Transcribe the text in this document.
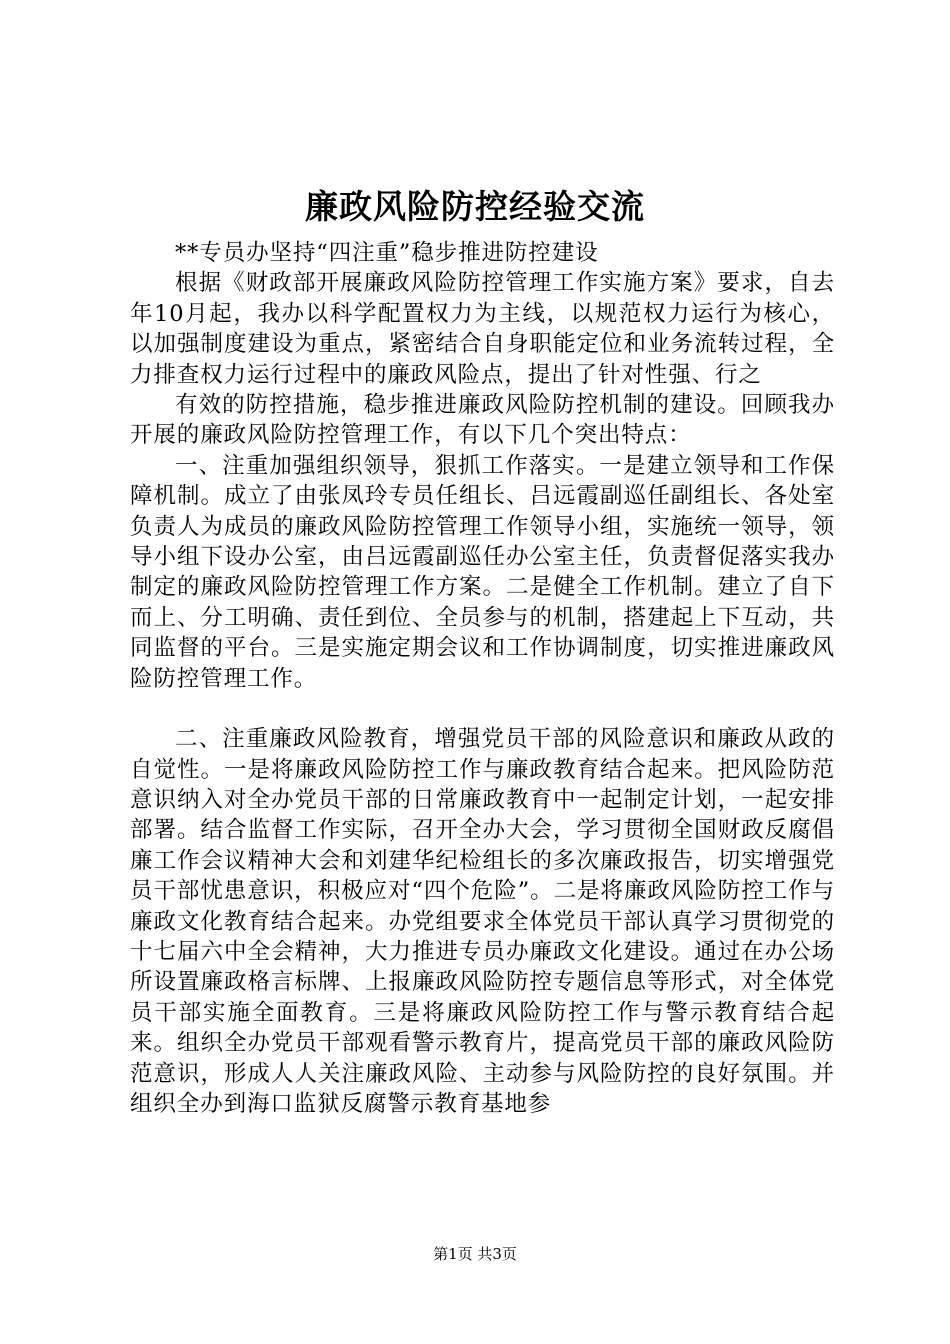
廉政风险防控经验交流

**专员办坚持“四注重”稳步推进防控建设

根据《财政部开展廉政风险防控管理工作实施方案》要求，自去年10月起，我办以科学配置权力为主线，以规范权力运行为核心，以加强制度建设为重点，紧密结合自身职能定位和业务流转过程，全力排查权力运行过程中的廉政风险点，提出了针对性强、行之

有效的防控措施，稳步推进廉政风险防控机制的建设。回顾我办开展的廉政风险防控管理工作，有以下几个突出特点：

一、注重加强组织领导，狠抓工作落实。一是建立领导和工作保障机制。成立了由张凤玲专员任组长、吕远霞副巡任副组长、各处室负责人为成员的廉政风险防控管理工作领导小组，实施统一领导，领导小组下设办公室，由吕远霞副巡任办公室主任，负责督促落实我办制定的廉政风险防控管理工作方案。二是健全工作机制。建立了自下而上、分工明确、责任到位、全员参与的机制，搭建起上下互动，共同监督的平台。三是实施定期会议和工作协调制度，切实推进廉政风险防控管理工作。

二、注重廉政风险教育，增强党员干部的风险意识和廉政从政的自觉性。一是将廉政风险防控工作与廉政教育结合起来。把风险防范意识纳入对全办党员干部的日常廉政教育中一起制定计划，一起安排部署。结合监督工作实际，召开全办大会，学习贯彻全国财政反腐倡廉工作会议精神大会和刘建华纪检组长的多次廉政报告，切实增强党员干部忧患意识，积极应对“四个危险”。二是将廉政风险防控工作与廉政文化教育结合起来。办党组要求全体党员干部认真学习贯彻党的十七届六中全会精神，大力推进专员办廉政文化建设。通过在办公场所设置廉政格言标牌、上报廉政风险防控专题信息等形式，对全体党员干部实施全面教育。三是将廉政风险防控工作与警示教育结合起来。组织全办党员干部观看警示教育片，提高党员干部的廉政风险防范意识，形成人人关注廉政风险、主动参与风险防控的良好氛围。并组织全办到海口监狱反腐警示教育基地参

第1页 共3页
